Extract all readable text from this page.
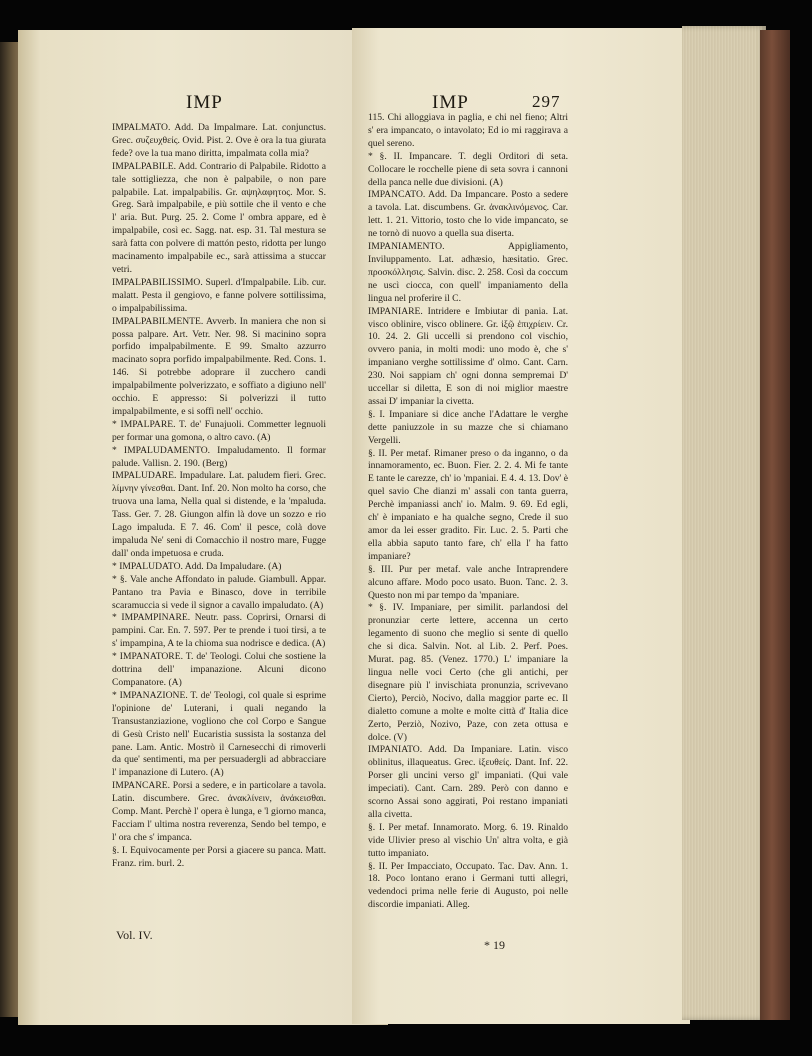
IMP	IMP	297

IMPALMATO. Add. Da Impalmare. Lat. conjunctus. Grec. συζευχθείς. Ovid. Pist. 2. Ove è ora la tua giurata fede? ove la tua mano diritta, impalmata colla mia?

IMPALPABILE. Add. Contrario di Palpabile. Ridotto a tale sottigliezza, che non è palpabile, o non pare palpabile. Lat. impalpabilis. Gr. αψηλαφητος. Mor. S. Greg. Sarà impalpabile, e più sottile che il vento e che l' aria. But. Purg. 25. 2. Come l' ombra appare, ed è impalpabile, così ec. Sagg. nat. esp. 31. Tal mestura se sarà fatta con polvere di mattón pesto, ridotta per lungo macinamento impalpabile ec., sarà attissima a stuccar vetri.

IMPALPABILISSIMO. Superl. d'Impalpabile. Lib. cur. malatt. Pesta il gengiovo, e fanne polvere sottilissima, o impalpabilissima.

IMPALPABILMENTE. Avverb. In maniera che non si possa palpare. Art. Vetr. Ner. 98. Si macinino sopra porfido impalpabilmente. E 99. Smalto azzurro macinato sopra porfido impalpabilmente. Red. Cons. 1. 146. Si potrebbe adoprare il zucchero candi impalpabilmente polverizzato, e soffiato a digiuno nell' occhio. E appresso: Si polverizzi il tutto impalpabilmente, e si soffi nell' occhio.

* IMPALPARE. T. de' Funajuoli. Commetter legnuoli per formar una gomona, o altro cavo. (A)

* IMPALUDAMENTO. Impaludamento. Il formar palude. Vallisn. 2. 190. (Berg)

IMPALUDARE. Impadulare. Lat. paludem fieri. Grec. λίμνην γίνεσθαι. Dant. Inf. 20. Non molto ha corso, che truova una lama, Nella qual si distende, e la 'mpaluda. Tass. Ger. 7. 28. Giungon alfin là dove un sozzo e rio Lago impaluda. E 7. 46. Com' il pesce, colà dove impaluda Ne' seni di Comacchio il nostro mare, Fugge dall' onda impetuosa e cruda.

* IMPALUDATO. Add. Da Impaludare. (A)

* §. Vale anche Affondato in palude. Giambull. Appar. Pantano tra Pavia e Binasco, dove in terribile scaramuccia si vede il signor a cavallo impaludato. (A)

* IMPAMPINARE. Neutr. pass. Coprirsi, Ornarsi di pampini. Car. En. 7. 597. Per te prende i tuoi tirsi, a te s' impampina, A te la chioma sua nodrisce e dedica. (A)

* IMPANATORE. T. de' Teologi. Colui che sostiene la dottrina dell' impanazione. Alcuni dicono Companatore. (A)

* IMPANAZIONE. T. de' Teologi, col quale si esprime l'opinione de' Luterani, i quali negando la Transustanziazione, vogliono che col Corpo e Sangue di Gesù Cristo nell' Eucaristia sussista la sostanza del pane. Lam. Antic. Mostrò il Carnesecchi di rimoverli da que' sentimenti, ma per persuadergli ad abbracciare l' impanazione di Lutero. (A)

IMPANCARE. Porsi a sedere, e in particolare a tavola. Latin. discumbere. Grec. ἀνακλίνειν, ἀνάκεισθαι. Comp. Mant. Perchè l' opera è lunga, e 'l giorno manca, Facciam l' ultima nostra reverenza, Sendo bel tempo, e l' ora che s' impanca.

§. I. Equivocamente per Porsi a giacere su panca. Matt. Franz. rim. burl. 2.

115. Chi alloggiava in paglia, e chi nel fieno; Altri s' era impancato, o intavolato; Ed io mi raggirava a quel sereno.

* §. II. Impancare. T. degli Orditori di seta. Collocare le rocchelle piene di seta sovra i cannoni della panca nelle due divisioni. (A)

IMPANCATO. Add. Da Impancare. Posto a sedere a tavola. Lat. discumbens. Gr. ἀνακλινόμενος. Car. lett. 1. 21. Vittorio, tosto che lo vide impancato, se ne tornò di nuovo a quella sua diserta.

IMPANIAMENTO. Appigliamento, Inviluppamento. Lat. adhæsio, hæsitatio. Grec. προσκόλλησις. Salvin. disc. 2. 258. Così da coccum ne uscì ciocca, con quell' impaniamento della lingua nel proferire il C.

IMPANIARE. Intridere e Imbiutar di pania. Lat. visco oblinire, visco oblinere. Gr. ἰξῷ ἐπιχρίειν. Cr. 10. 24. 2. Gli uccelli si prendono col vischio, ovvero pania, in molti modi: uno modo è, che s' impaniano verghe sottilissime d' olmo. Cant. Carn. 230. Noi sappiam ch' ogni donna sempremai D' uccellar si diletta, E son di noi miglior maestre assai D' impaniar la civetta.

§. I. Impaniare si dice anche l'Adattare le verghe dette paniuzzole in su mazze che si chiamano Vergelli.

§. II. Per metaf. Rimaner preso o da inganno, o da innamoramento, ec. Buon. Fier. 2. 2. 4. Mi fe tante E tante le carezze, ch' io 'mpaniai. E 4. 4. 13. Dov' è quel savio Che dianzi m' assali con tanta guerra, Perchè impaniassi anch' io. Malm. 9. 69. Ed egli, ch' è impaniato e ha qualche segno, Crede il suo amor da lei esser gradito. Fir. Luc. 2. 5. Parti che ella abbia saputo tanto fare, ch' ella l' ha fatto impaniare?

§. III. Pur per metaf. vale anche Intraprendere alcuno affare. Modo poco usato. Buon. Tanc. 2. 3. Questo non mi par tempo da 'mpaniare.

* §. IV. Impaniare, per similit. parlandosi del pronunziar certe lettere, accenna un certo legamento di suono che meglio si sente di quello che si dica. Salvin. Not. al Lib. 2. Perf. Poes. Murat. pag. 85. (Venez. 1770.) L' impaniare la lingua nelle voci Certo (che gli antichi, per disegnare più l' invischiata pronunzia, scrivevano Cierto), Perciò, Nocivo, dalla maggior parte ec. Il dialetto comune a molte e molte città d' Italia dice Zerto, Perziò, Nozivo, Paze, con zeta ottusa e dolce. (V)

IMPANIATO. Add. Da Impaniare. Latin. visco oblinitus, illaqueatus. Grec. ἰξευθείς. Dant. Inf. 22. Porser gli uncini verso gl' impaniati. (Qui vale impeciati). Cant. Carn. 289. Però con danno e scorno Assai sono aggirati, Poi restano impaniati alla civetta.

§. I. Per metaf. Innamorato. Morg. 6. 19. Rinaldo vide Ulivier preso al vischio Un' altra volta, e già tutto impaniato.

§. II. Per Impacciato, Occupato. Tac. Dav. Ann. 1. 18. Poco lontano erano i Germani tutti allegri, vedendoci prima nelle ferie di Augusto, poi nelle discordie impaniati. Alleg.

Vol. IV.
* 19
